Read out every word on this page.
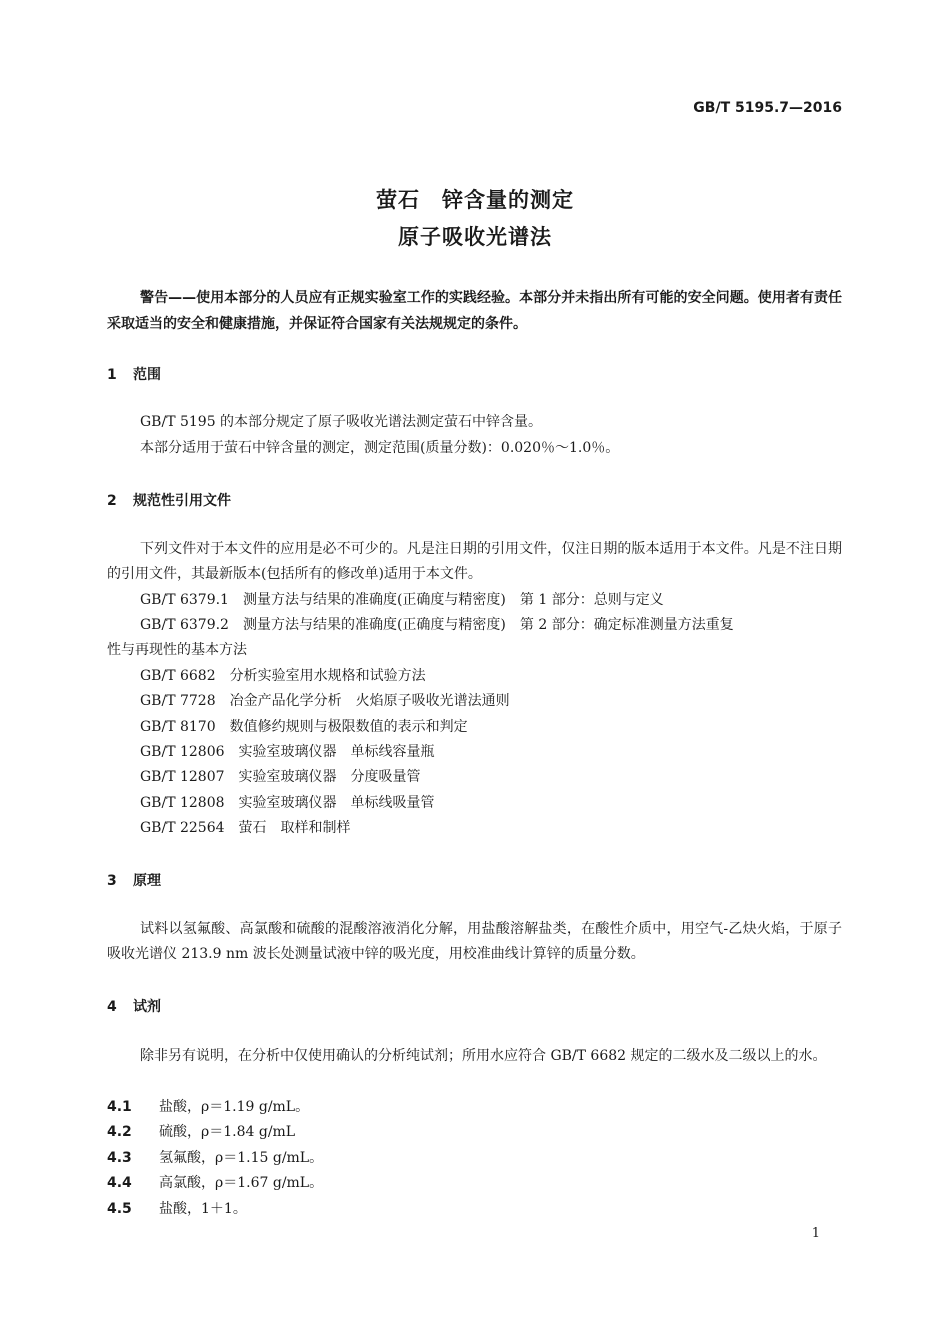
GB/T 5195.7—2016
萤石　锌含量的测定
原子吸收光谱法
警告——使用本部分的人员应有正规实验室工作的实践经验。本部分并未指出所有可能的安全问题。使用者有责任采取适当的安全和健康措施，并保证符合国家有关法规规定的条件。
1 范围
GB/T 5195 的本部分规定了原子吸收光谱法测定萤石中锌含量。
本部分适用于萤石中锌含量的测定，测定范围(质量分数)：0.020％～1.0％。
2 规范性引用文件
下列文件对于本文件的应用是必不可少的。凡是注日期的引用文件，仅注日期的版本适用于本文件。凡是不注日期的引用文件，其最新版本(包括所有的修改单)适用于本文件。
GB/T 6379.1　 测量方法与结果的准确度(正确度与精密度)　第 1 部分：总则与定义
GB/T 6379.2　 测量方法与结果的准确度(正确度与精密度)　第 2 部分：确定标准测量方法重复
性与再现性的基本方法
GB/T 6682　 分析实验室用水规格和试验方法
GB/T 7728　 冶金产品化学分析　火焰原子吸收光谱法通则
GB/T 8170　 数值修约规则与极限数值的表示和判定
GB/T 12806　 实验室玻璃仪器　单标线容量瓶
GB/T 12807　 实验室玻璃仪器　分度吸量管
GB/T 12808　 实验室玻璃仪器　单标线吸量管
GB/T 22564　 萤石　取样和制样
3 原理
试料以氢氟酸、高氯酸和硫酸的混酸溶液消化分解，用盐酸溶解盐类，在酸性介质中，用空气-乙炔火焰，于原子吸收光谱仪 213.9 nm 波长处测量试液中锌的吸光度，用校准曲线计算锌的质量分数。
4 试剂
除非另有说明，在分析中仅使用确认的分析纯试剂；所用水应符合 GB/T 6682 规定的二级水及二级以上的水。
4.1 盐酸，ρ＝1.19 g/mL。
4.2 硫酸，ρ＝1.84 g/mL
4.3 氢氟酸，ρ＝1.15 g/mL。
4.4 高氯酸，ρ＝1.67 g/mL。
4.5 盐酸，1＋1。
1
